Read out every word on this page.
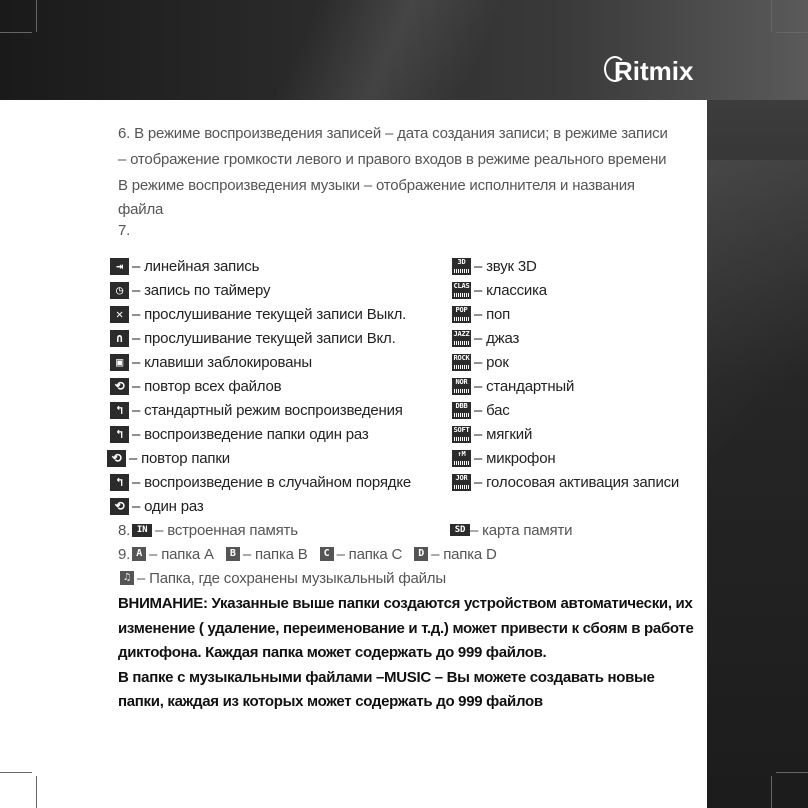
Ritmix
6. В режиме воспроизведения записей – дата создания записи; в режиме записи
– отображение громкости левого и правого входов в режиме реального времени
В режиме воспроизведения музыки – отображение исполнителя и названия
файла
7.
⇥ – линейная запись
◷ – запись по таймеру
✕ – прослушивание текущей записи Выкл.
∩ – прослушивание текущей записи Вкл.
▣ – клавиши заблокированы
⟲ – повтор всех файлов
↰ – стандартный режим воспроизведения
↰ – воспроизведение папки один раз
⟲ – повтор папки
↰ – воспроизведение в случайном порядке
⟲ – один раз
3D – звук 3D
CLAS – классика
POP – поп
JAZZ – джаз
ROCK – рок
NOR – стандартный
DBB – бас
SOFT – мягкий
↑M – микрофон
JOR – голосовая активация записи
8. IN – встроенная память	SD – карта памяти
9. A – папка A	B – папка B	C – папка C	D – папка D
♫ – Папка, где сохранены музыкальный файлы
ВНИМАНИЕ: Указанные выше папки создаются устройством автоматически, их
изменение ( удаление, переименование и т.д.) может привести к сбоям в работе
диктофона. Каждая папка может содержать до 999 файлов.
В папке с музыкальными файлами –MUSIC – Вы можете создавать новые
папки, каждая из которых может содержать до 999 файлов
